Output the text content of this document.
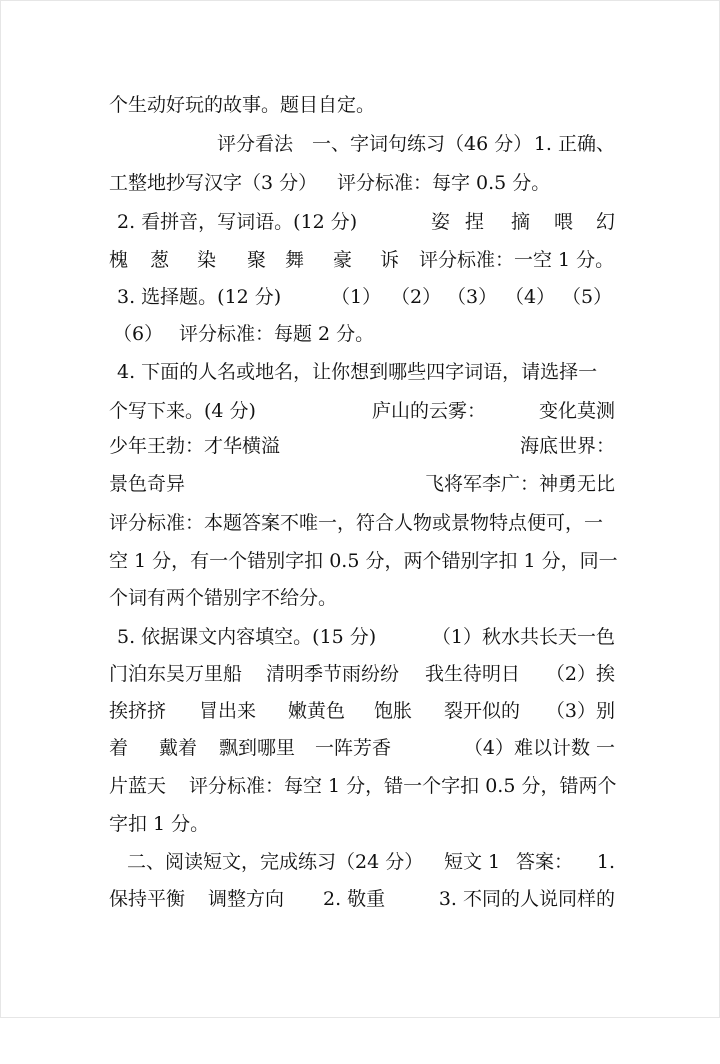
个生动好玩的故事。题目自定。

评分看法

一、字词句练习（46 分）

1. 正确、

工整地抄写汉字（3 分）

评分标准：每字 0.5 分。

2. 看拼音，写词语。(12 分)

	姿

捏

摘

喂

幻

槐

葱

染

聚

舞

豪

诉

评分标准：一空 1 分。

3. 选择题。(12 分)

	（1）

（2）

（3）

（4）

（5）

（6）

评分标准：每题 2 分。

4. 下面的人名或地名，让你想到哪些四字词语，请选择一

个写下来。(4 分)

	庐山的云雾：

	变化莫测

少年王勃：才华横溢

	海底世界：

景色奇异

	飞将军李广：神勇无比

评分标准：本题答案不唯一，符合人物或景物特点便可，一

空 1 分，有一个错别字扣 0.5 分，两个错别字扣 1 分，同一

个词有两个错别字不给分。

5. 依据课文内容填空。(15 分)

	（1）秋水共长天一色

门泊东吴万里船

清明季节雨纷纷

我生待明日

（2）挨

挨挤挤

冒出来

嫩黄色

饱胀

裂开似的

（3）别

着

戴着

飘到哪里

一阵芳香

	（4）难以计数 一

片蓝天

评分标准：每空 1 分，错一个字扣 0.5 分，错两个

字扣 1 分。

二、阅读短文，完成练习（24 分）

短文 1

答案：

1.

保持平衡

调整方向

2. 敬重

	3. 不同的人说同样的
